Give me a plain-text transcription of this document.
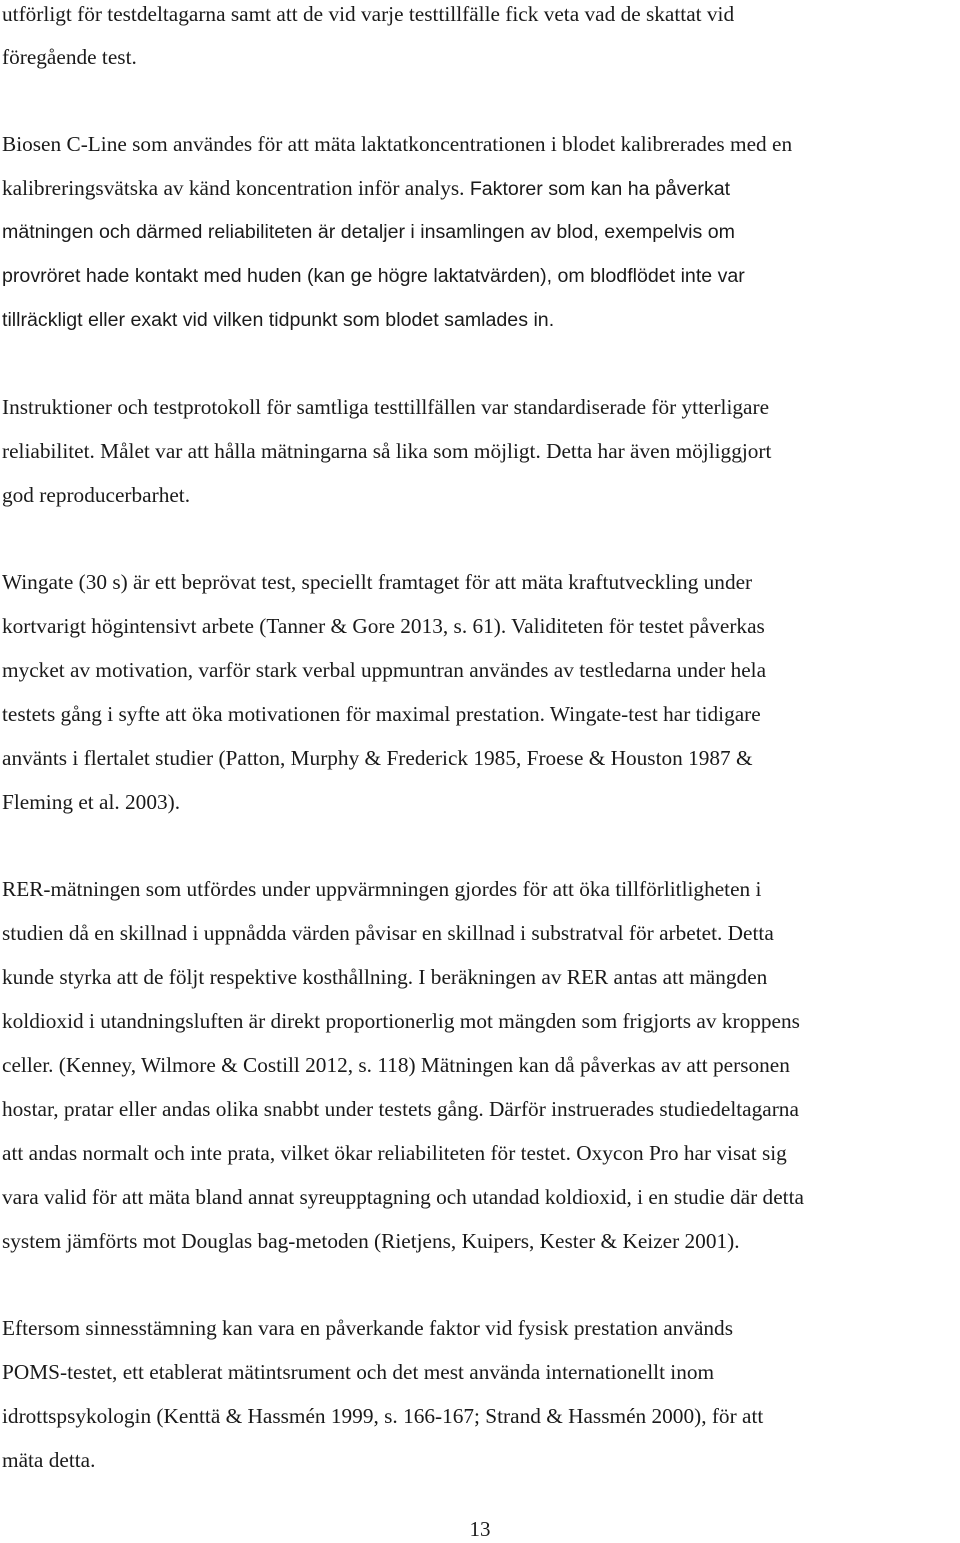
utförligt för testdeltagarna samt att de vid varje testtillfälle fick veta vad de skattat vid
föregående test.
Biosen C-Line som användes för att mäta laktatkoncentrationen i blodet kalibrerades med en
kalibreringsvätska av känd koncentration inför analys. Faktorer som kan ha påverkat
mätningen och därmed reliabiliteten är detaljer i insamlingen av blod, exempelvis om
provröret hade kontakt med huden (kan ge högre laktatvärden), om blodflödet inte var
tillräckligt eller exakt vid vilken tidpunkt som blodet samlades in.
Instruktioner och testprotokoll för samtliga testtillfällen var standardiserade för ytterligare
reliabilitet. Målet var att hålla mätningarna så lika som möjligt. Detta har även möjliggjort
god reproducerbarhet.
Wingate (30 s) är ett beprövat test, speciellt framtaget för att mäta kraftutveckling under
kortvarigt högintensivt arbete (Tanner & Gore 2013, s. 61). Validiteten för testet påverkas
mycket av motivation, varför stark verbal uppmuntran användes av testledarna under hela
testets gång i syfte att öka motivationen för maximal prestation. Wingate-test har tidigare
använts i flertalet studier (Patton, Murphy & Frederick 1985, Froese & Houston 1987 &
Fleming et al. 2003).
RER-mätningen som utfördes under uppvärmningen gjordes för att öka tillförlitligheten i
studien då en skillnad i uppnådda värden påvisar en skillnad i substratval för arbetet. Detta
kunde styrka att de följt respektive kosthållning. I beräkningen av RER antas att mängden
koldioxid i utandningsluften är direkt proportionerlig mot mängden som frigjorts av kroppens
celler. (Kenney, Wilmore & Costill 2012, s. 118) Mätningen kan då påverkas av att personen
hostar, pratar eller andas olika snabbt under testets gång. Därför instruerades studiedeltagarna
att andas normalt och inte prata, vilket ökar reliabiliteten för testet. Oxycon Pro har visat sig
vara valid för att mäta bland annat syreupptagning och utandad koldioxid, i en studie där detta
system jämförts mot Douglas bag-metoden (Rietjens, Kuipers, Kester & Keizer 2001).
Eftersom sinnesstämning kan vara en påverkande faktor vid fysisk prestation används
POMS-testet, ett etablerat mätintsrument och det mest använda internationellt inom
idrottspsykologin (Kenttä & Hassmén 1999, s. 166-167; Strand & Hassmén 2000), för att
mäta detta.
13
